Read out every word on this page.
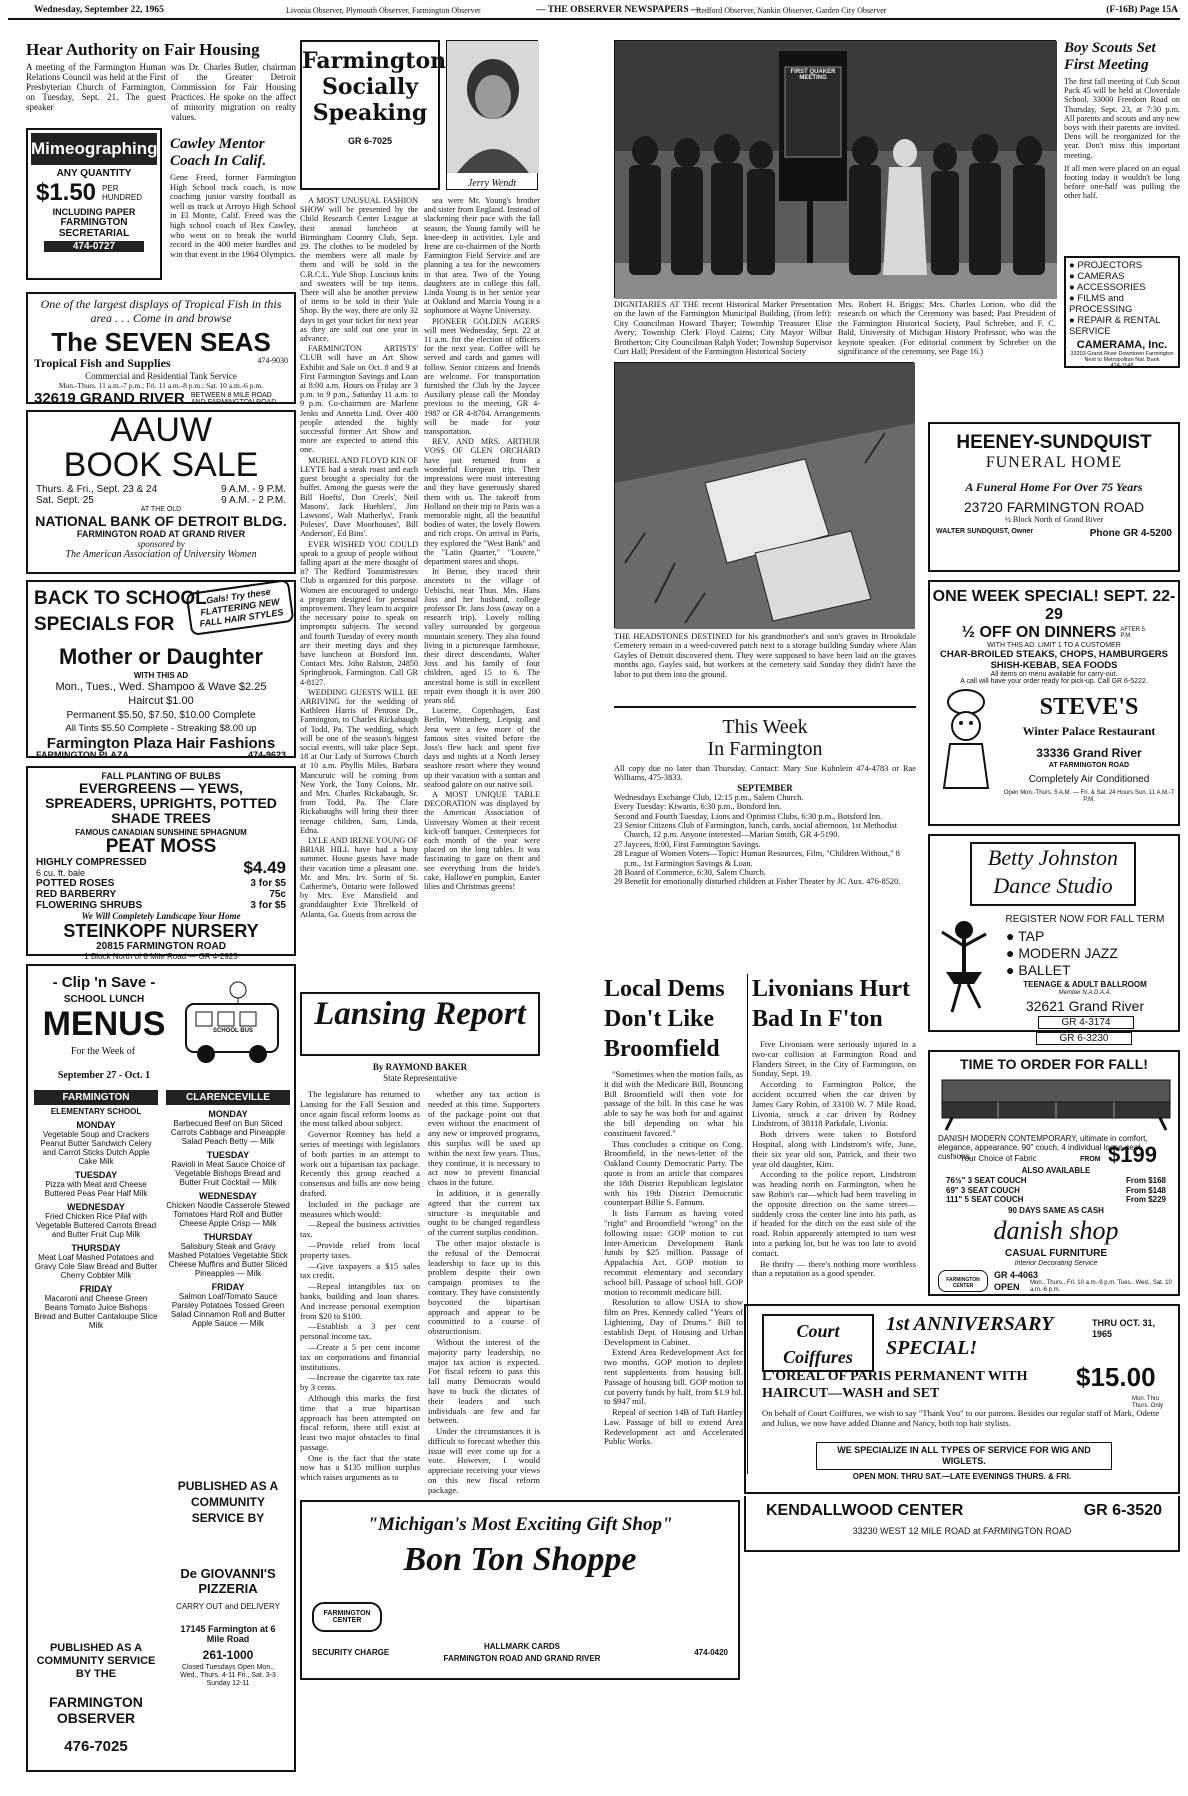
Wednesday, September 22, 1965	Livonia Observer, Plymouth Observer, Farmington Observer	— THE OBSERVER NEWSPAPERS —
Redford Observer, Nankin Observer, Garden City Observer	(F-16B) Page 15A
Hear Authority on Fair Housing
A meeting of the Farmington Human Relations Council was held at the First Presbyterian Church of Farmington, on Tuesday, Sept. 21. The guest speaker
was Dr. Charles Butler, chairman of the Greater Detroit Commission for Fair Housing Practices. He spoke on the affect of minority migration on realty values.
Mimeographing
ANY QUANTITY
$1.50 PER HUNDRED
INCLUDING PAPER
FARMINGTON SECRETARIAL
474-0727
Cawley Mentor Coach In Calif.
Gene Freed, former Farmington High School track coach, is now coaching junior varsity football as well as track at Arroyo High School in El Monte, Calif. Freed was the high school coach of Rex Cawley, who went on to break the world record in the 400 meter hurdles and win that event in the 1964 Olympics.
One of the largest displays of Tropical Fish in this area . . . Come in and browse
The SEVEN SEAS
Tropical Fish and Supplies	474-9030
Commercial and Residential Tank Service
Mon.-Thurs. 11 a.m.-7 p.m.; Fri. 11 a.m.-8 p.m.; Sat. 10 a.m.-6 p.m.
32619 GRAND RIVER BETWEEN 8 MILE ROAD AND FARMINGTON ROAD
AAUW
BOOK SALE
Thurs. & Fri., Sept. 23 & 24	9 A.M. - 9 P.M.
Sat. Sept. 25	9 A.M. - 2 P.M.
AT THE OLD
NATIONAL BANK OF DETROIT BLDG.
FARMINGTON ROAD AT GRAND RIVER
sponsored by
The American Association of University Women
BACK TO SCHOOL
SPECIALS FOR
Gals! Try these FLATTERING NEW FALL HAIR STYLES
Mother or Daughter
WITH THIS AD
Mon., Tues., Wed. Shampoo & Wave $2.25
Haircut $1.00
Permanent $5.50, $7.50, $10.00 Complete
All Tints $5.50 Complete - Streaking $8.00 up
Farmington Plaza Hair Fashions
FARMINGTON PLAZA	474-9623
FALL PLANTING OF BULBS
EVERGREENS — YEWS, SPREADERS, UPRIGHTS, POTTED SHADE TREES
FAMOUS CANADIAN SUNSHINE SPHAGNUM
PEAT MOSS
HIGHLY COMPRESSED
6 cu. ft. bale	$4.49
POTTED ROSES	3 for $5
RED BARBERRY	75c
FLOWERING SHRUBS	3 for $5
We Will Completely Landscape Your Home
STEINKOPF NURSERY
20815 FARMINGTON ROAD
1 Block North of 8 Mile Road — GR 4-2925
- Clip 'n Save -
SCHOOL LUNCH
MENUS
For the Week of
September 27 - Oct. 1
SCHOOL BUS
FARMINGTON
ELEMENTARY SCHOOL
MONDAY
Vegetable Soup and Crackers Peanut Butter Sandwich Celery and Carrot Sticks Dutch Apple Cake Milk
TUESDAY
Pizza with Meat and Cheese Buttered Peas Pear Half Milk
WEDNESDAY
Fried Chicken Rice Pilaf with Vegetable Buttered Carrots Bread and Butter Fruit Cup Milk
THURSDAY
Meat Loaf Mashed Potatoes and Gravy Cole Slaw Bread and Butter Cherry Cobbler Milk
FRIDAY
Macaroni and Cheese Green Beans Tomato Juice Bishops Bread and Butter Cantaloupe Slice Milk
CLARENCEVILLE
MONDAY
Barbecued Beef on Bun Sliced Carrots Cabbage and Pineapple Salad Peach Betty — Milk
TUESDAY
Ravioli in Meat Sauce Choice of Vegetable Bishops Bread and Butter Fruit Cocktail — Milk
WEDNESDAY
Chicken Noodle Casserole Stewed Tomatoes Hard Roll and Butter Cheese Apple Crisp — Milk
THURSDAY
Salisbury Steak and Gravy Mashed Potatoes Vegetable Stick Cheese Muffins and Butter Sliced Pineapples — Milk
FRIDAY
Salmon Loaf/Tomato Sauce Parsley Potatoes Tossed Green Salad Cinnamon Roll and Butter Apple Sauce — Milk
PUBLISHED AS A COMMUNITY SERVICE BY THE
FARMINGTON OBSERVER
476-7025
PUBLISHED AS A COMMUNITY SERVICE BY
De GIOVANNI'S PIZZERIA
CARRY OUT and DELIVERY
17145 Farmington at 6 Mile Road
261-1000
Closed Tuesdays Open Mon., Wed., Thurs. 4-11 Fri., Sat. 3-3 Sunday 12-11
Farmington
Socially
Speaking
GR 6-7025
Jerry Wendt

A MOST UNUSUAL FASHION SHOW will be presented by the Child Research Center League at their annual luncheon at Birmingham Country Club, Sept. 29. The clothes to be modeled by the members were all made by them and will be sold in the C.R.C.L. Yule Shop. Luscious knits and sweaters will be top items. There will also be another preview of items to be sold in their Yule Shop. By the way, there are only 32 days to get your ticket for next year as they are sold out one year in advance.

FARMINGTON ARTISTS' CLUB will have an Art Show Exhibit and Sale on Oct. 8 and 9 at First Farmington Savings and Loan at 8:00 a.m. Hours on Friday are 3 p.m. to 9 p.m., Saturday 11 a.m. to 9 p.m. Co-chairmen are Marlene Jenks and Annetta Lind. Over 400 people attended the highly successful former Art Show and more are expected to attend this one.

MURIEL AND FLOYD KIN OF LEYTE had a steak roast and each guest brought a specialty for the buffet. Among the guests were the Bill Hoefts', Don Creels', Neil Masons', Jack Huehlers', Jim Lawsons', Walt Matherlys', Frank Poleses', Dave Moorhouses', Bill Anderson', Ed Bins'.

EVER WISHED YOU COULD speak to a group of people without falling apart at the mere thought of it? The Redford Toastmistresses Club is organized for this purpose. Women are encouraged to undergo a program designed for personal improvement. They learn to acquire the necessary poise to speak on impromptu subjects. The second and fourth Tuesday of every month are their meeting days and they have luncheon at Botsford Inn. Contact Mrs. John Ralston, 24850 Springbrook, Farmington. Call GR 4-8127.

WEDDING GUESTS WILL BE ARRIVING for the wedding of Kathleen Harris of Penrose Dr., Farmington, to Charles Rickabaugh of Todd, Pa. The wedding, which will be one of the season's biggest social events, will take place Sept. 18 at Our Lady of Sorrows Church at 10 a.m. Phyllis Miles, Barbara Mancuruic will be coming from New York, the Tony Colons, Mr. and Mrs. Charles Rickabaugh, Sr. from Todd, Pa. The Clare Rickabaughs will bring their three teenage children, Sam, Linda, Edna.

LYLE AND IRENE YOUNG OF BRIAR HILL have had a busy summer. House guests have made their vacation time a pleasant one. Mr. and Mrs. Irv. Sorin of St. Catherine's, Ontario were followed by Mrs. Eve Mansfield and granddaughter Evie Threlkeld of Atlanta, Ga. Guests from across the

sea were Mr. Young's brother and sister from England. Instead of slackening their pace with the fall season, the Young family will be knee-deep in activities. Lyle and Irene are co-chairmen of the North Farmington Field Service and are planning a tea for the newcomers in that area. Two of the Young daughters are in college this fall. Linda Young is in her senior year at Oakland and Marcia Young is a sophomore at Wayne University.

PIONEER GOLDEN AGERS will meet Wednesday, Sept. 22 at 11 a.m. for the election of officers for the next year. Coffee will be served and cards and games will follow. Senior citizens and friends are welcome. For transportation furnished the Club by the Jaycee Auxiliary please call the Monday previous to the meeting, GR 4-1987 or GR 4-8704. Arrangements will be made for your transportation.

REV. AND MRS. ARTHUR VOSS OF GLEN ORCHARD have just returned from a wonderful European trip. Their impressions were most interesting and they have generously shared them with us. The takeoff from Holland on their trip to Paris was a memorable night, all the beautiful bodies of water, the lovely flowers and rich crops. On arrival in Paris, they explored the "West Bank" and the "Latin Quarter," "Louvre," department stores and shops.

In Berne, they traced their ancestors to the village of Uebischi, near Thun. Mrs. Hans Joss and her husband, college professor Dr. Jans Joss (away on a research trip). Lovely rolling valley surrounded by gorgeous mountain scenery. They also found living in a picturesque farmhouse, their direct descendants, Walter Joss and his family of four children, aged 15 to 6. The ancestral home is still in excellent repair even though it is over 200 years old.

Lucerne, Copenhagen, East Berlin, Wittenberg, Leipsig and Jena were a few more of the famous sites visited before the Joss's flew back and spent five days and nights at a North Jersey seashore resort where they wound up their vacation with a suntan and seafood galore on our native soil.

A MOST UNIQUE TABLE DECORATION was displayed by the American Association of University Women at their recent kick-off banquet. Centerpieces for each month of the year were placed on the long tables. It was fascinating to gaze on them and see everything from the bride's cake, Hallowe'en pumpkin, Easter lilies and Christmas greens!

Lansing Report
By RAYMOND BAKER
State Representative

The legislature has returned to Lansing for the Fall Session and once again fiscal reform looms as the most talked about subject.

Governor Romney has held a series of meetings with legislators of both parties in an attempt to work out a bipartisan tax package. Recently this group reached a consensus and bills are now being drafted.

Included in the package are measures which would:

—Repeal the business activities tax.

—Provide relief from local property taxes.

—Give taxpayers a $15 sales tax credit.

—Repeal intangibles tax on banks, building and loan shares. And increase personal exemption from $20 to $100.

—Establish a 3 per cent personal income tax.

—Create a 5 per cent income tax on corporations and financial institutions.

—Increase the cigarette tax rate by 3 cents.

Although this marks the first time that a true bipartisan approach has been attempted on fiscal reform, there still exist at least two major obstacles to final passage.

One is the fact that the state now has a $135 million surplus which raises arguments as to

whether any tax action is needed at this time. Supporters of the package point out that even without the enactment of any new or improved programs, this surplus will be used up within the next few years. Thus, they continue, it is necessary to act now to prevent financial chaos in the future.

In addition, it is generally agreed that the current tax structure is inequitable and ought to be changed regardless of the current surplus condition.

The other major obstacle is the refusal of the Democrat leadership to face up to this problem despite their own campaign promises to the contrary. They have consistently boycotted the bipartisan approach and appear to be committed to a course of obstructionism.

Without the interest of the majority party leadership, no major tax action is expected. For fiscal reform to pass this fall many Democrats would have to buck the dictates of their leaders and such individuals are few and far between.

Under the circumstances it is difficult to forecast whether this issue will ever come up for a vote. However, I would appreciate receiving your views on this new fiscal reform package.

FIRST QUAKER MEETING
DIGNITARIES AT THE recent Historical Marker Presentation on the lawn of the Farmington Municipal Building, (from left): City Councilman Howard Thayer; Township Treasurer Elise Avery; Township Clerk Floyd Cairns; City Mayor Wilbur Brotherton; City Councilman Ralph Yoder; Township Supervisor Curt Hall; President of the Farmington Historical Society
Mrs. Robert H. Briggs; Mrs. Charles Lorion, who did the research on which the Ceremony was based; Past President of the Farmington Historical Society, Paul Schreber, and F. C. Bald, University of Michigan History Professor, who was the keynote speaker. (For editorial comment by Schreber on the significance of the ceremony, see Page 16.)
THE HEADSTONES DESTINED for his grandmother's and son's graves in Brookdale Cemetery remain in a weed-covered patch next to a storage building Sunday where Alan Gayles of Detroit discovered them. They were supposed to have been laid on the graves months ago, Gayles said, but workers at the cemetery said Sunday they didn't have the labor to put them into the ground.
This Week
In Farmington
All copy due no later than Thursday. Contact: Mary Sue Kuhnlein 474-4783 or Rae Williams, 475-3833.
SEPTEMBER
Wednesdays Exchange Club, 12:15 p.m., Salem Church.
Every Tuesday: Kiwanis, 6:30 p.m., Botsford Inn.
Second and Fourth Tuesday, Lions and Optimist Clubs, 6:30 p.m., Botsford Inn.
23 Senior Citizens Club of Farmington, lunch, cards, social afternoon, 1st Methodist Church, 12 p.m. Anyone interested—Marian Smith, GR 4-5190.
27 Jaycees, 8:00, First Farmington Savings.
28 League of Women Voters—Topic: Human Resources, Film, "Children Without," 8 p.m., 1st Farmington Savings & Loan.
28 Board of Commerce, 6:30, Salem Church.
29 Benefit for emotionally disturbed children at Fisher Theater by JC Aux. 476-8520.
Local Dems Don't Like Broomfield

"Sometimes when the motion fails, as it did with the Medicare Bill, Bouncing Bill Broomfield will then vote for passage of the bill. In this case he was able to say he was both for and against the bill depending on what his constituent favored."

Thus concludes a critique on Cong. Broomfield, in the news-letter of the Oakland County Democratic Party. The quote is from an article that compares the 18th District Republican legislator with his 19th District Democratic counterpart Billie S. Farnum.

It lists Farnum as having voted "right" and Broomfield "wrong" on the following issue: GOP motion to cut Inter-American Development Bank funds by $25 million. Passage of Appalachia Act. GOP motion to recommit elementary and secondary school bill. Passage of school bill. GOP motion to recommit medicare bill.

Resolution to allow USIA to show film on Pres. Kennedy called "Years of Lightening, Day of Drums." Bill to establish Dept. of Housing and Urban Development in Cabinet.

Extend Area Redevelopment Act for two months. GOP motion to deplete rent supplements from housing bill. Passage of housing bill. GOP motion to cut poverty funds by half, from $1.9 bil. to $947 mil.

Repeal of section 14B of Taft Hartley Law. Passage of bill to extend Area Redevelopment act and Accelerated Public Works.

Livonians Hurt Bad In F'ton

Five Livonians were seriously injured in a two-car collision at Farmington Road and Flanders Street, in the City of Farmington, on Sunday, Sept. 19.

According to Farmington Police, the accident occurred when the car driven by James Gary Robin, of 33100 W. 7 Mile Road, Livonia, struck a car driven by Rodney Lindstrom, of 38118 Parkdale, Livonia.

Both drivers were taken to Botsford Hospital, along with Lindstrom's wife, June, their six year old son, Patrick, and their two year old daughter, Kim.

According to the police report, Lindstrom was heading north on Farmington, when he saw Robin's car—which had been traveling in the opposite direction on the same street—suddenly cross the center line into his path, as if headed for the ditch on the east side of the road. Robin apparently attempted to turn west into a parking lot, but he was too late to avoid contact.

Be thrifty — there's nothing more worthless than a reputation as a good spender.

"Michigan's Most Exciting Gift Shop"
Bon Ton Shoppe
FARMINGTON CENTER
SECURITY CHARGE
HALLMARK CARDS
FARMINGTON ROAD AND GRAND RIVER
474-0420
Boy Scouts Set First Meeting
The first fall meeting of Cub Scout Pack 45 will be held at Cloverdale School, 33000 Freedom Road on Thursday, Sept. 23, at 7:30 p.m. All parents and scouts and any new boys with their parents are invited. Dens will be reorganized for the year. Don't miss this important meeting.
If all men were placed on an equal footing today it wouldn't be long before one-half was pulling the other half.
● PROJECTORS
● CAMERAS
● ACCESSORIES
● FILMS and PROCESSING
● REPAIR & RENTAL SERVICE
CAMERAMA, Inc.
33203 Grand River Downtown Farmington
Next to Metropolitan Nat. Bank
474-1148
HEENEY-SUNDQUIST
FUNERAL HOME
A Funeral Home For Over 75 Years
23720 FARMINGTON ROAD
½ Block North of Grand River
WALTER SUNDQUIST, Owner	Phone GR 4-5200
ONE WEEK SPECIAL! SEPT. 22-29
½ OFF ON DINNERS AFTER 5 P.M.
WITH THIS AD. LIMIT 1 TO A CUSTOMER
CHAR-BROILED STEAKS, CHOPS, HAMBURGERS SHISH-KEBAB, SEA FOODS
All items on menu available for carry-out.
A call will have your order ready for pick-up. Call GR 6-5222.
STEVE'S
Winter Palace Restaurant
33336 Grand River
AT FARMINGTON ROAD
Completely Air Conditioned
Open Mon.-Thurs. 5 A.M. — Fri. & Sat. 24 Hours Sun. 11 A.M.-7 P.M.
Betty Johnston
Dance Studio
REGISTER NOW FOR FALL TERM
● TAP
● MODERN JAZZ
● BALLET
TEENAGE & ADULT BALLROOM
Member N.A.D.A.A.
32621 Grand River
GR 4-3174
GR 6-3230
TIME TO ORDER FOR FALL!
DANISH MODERN CONTEMPORARY, ultimate in comfort, elegance, appearance. 90" couch, 4 individual loose-seat cushions.
Your Choice of Fabric	FROM $199
ALSO AVAILABLE
76½" 3 SEAT COUCH	From $168
69" 3 SEAT COUCH	From $148
111" 5 SEAT COUCH	From $229
90 DAYS SAME AS CASH
danish shop
CASUAL FURNITURE
Interior Decorating Service
FARMINGTON CENTER
GR 4-4063
OPEN Mon., Thurs., Fri. 10 a.m.-9 p.m. Tues., Wed., Sat. 10 a.m.-6 p.m.
Court Coiffures
1st ANNIVERSARY SPECIAL!
THRU OCT. 31, 1965
L'OREAL OF PARIS PERMANENT WITH HAIRCUT—WASH and SET
$15.00
Mon. Thru Thurs. Only
On behalf of Court Coiffures, we wish to say "Thank You" to our patrons. Besides our regular staff of Mark, Odette and Julius, we now have added Dianne and Nancy, both top hair stylists.
WE SPECIALIZE IN ALL TYPES OF SERVICE FOR WIG AND WIGLETS.
OPEN MON. THRU SAT.—LATE EVENINGS THURS. & FRI.
KENDALLWOOD CENTER	GR 6-3520
33230 WEST 12 MILE ROAD at FARMINGTON ROAD
